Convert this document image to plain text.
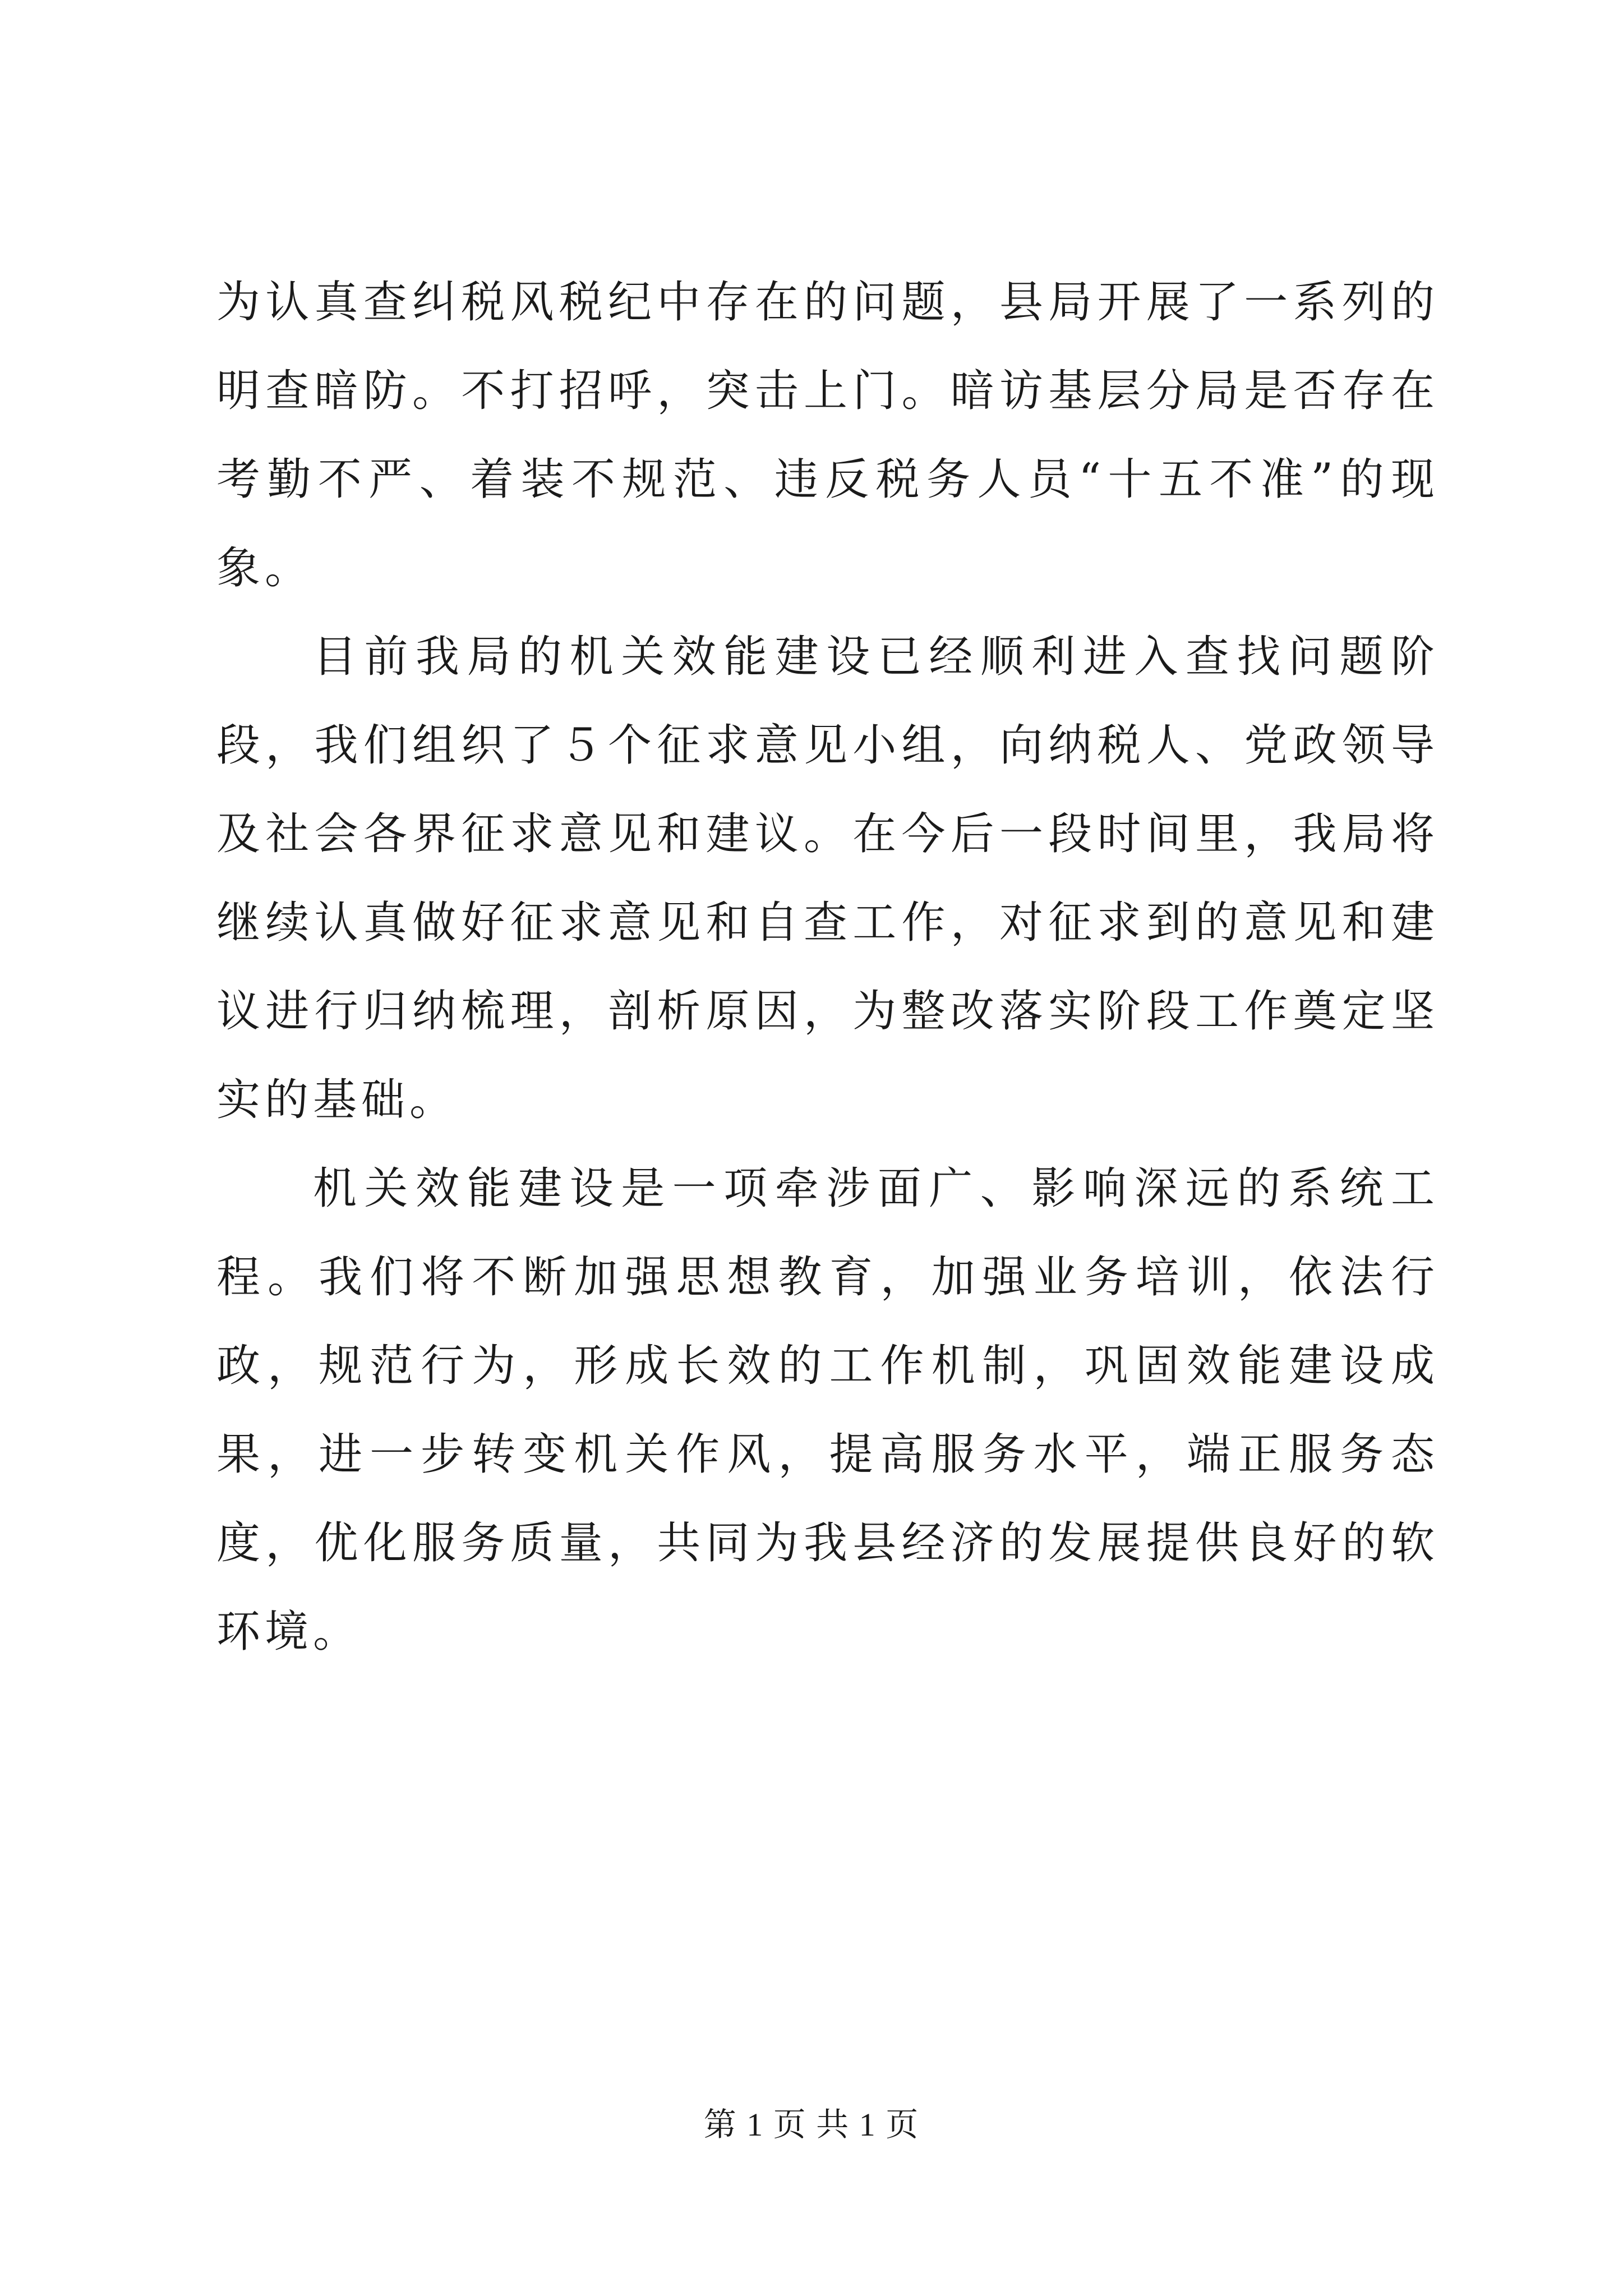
为认真查纠税风税纪中存在的问题，县局开展了一系列的明查暗防。不打招呼，突击上门。暗访基层分局是否存在考勤不严、着装不规范、违反税务人员“十五不准”的现象。

目前我局的机关效能建设已经顺利进入查找问题阶段，我们组织了５个征求意见小组，向纳税人、党政领导及社会各界征求意见和建议。在今后一段时间里，我局将继续认真做好征求意见和自查工作，对征求到的意见和建议进行归纳梳理，剖析原因，为整改落实阶段工作奠定坚实的基础。

机关效能建设是一项牵涉面广、影响深远的系统工程。我们将不断加强思想教育，加强业务培训，依法行政，规范行为，形成长效的工作机制，巩固效能建设成果，进一步转变机关作风，提高服务水平，端正服务态度，优化服务质量，共同为我县经济的发展提供良好的软环境。

第 1 页 共 1 页
